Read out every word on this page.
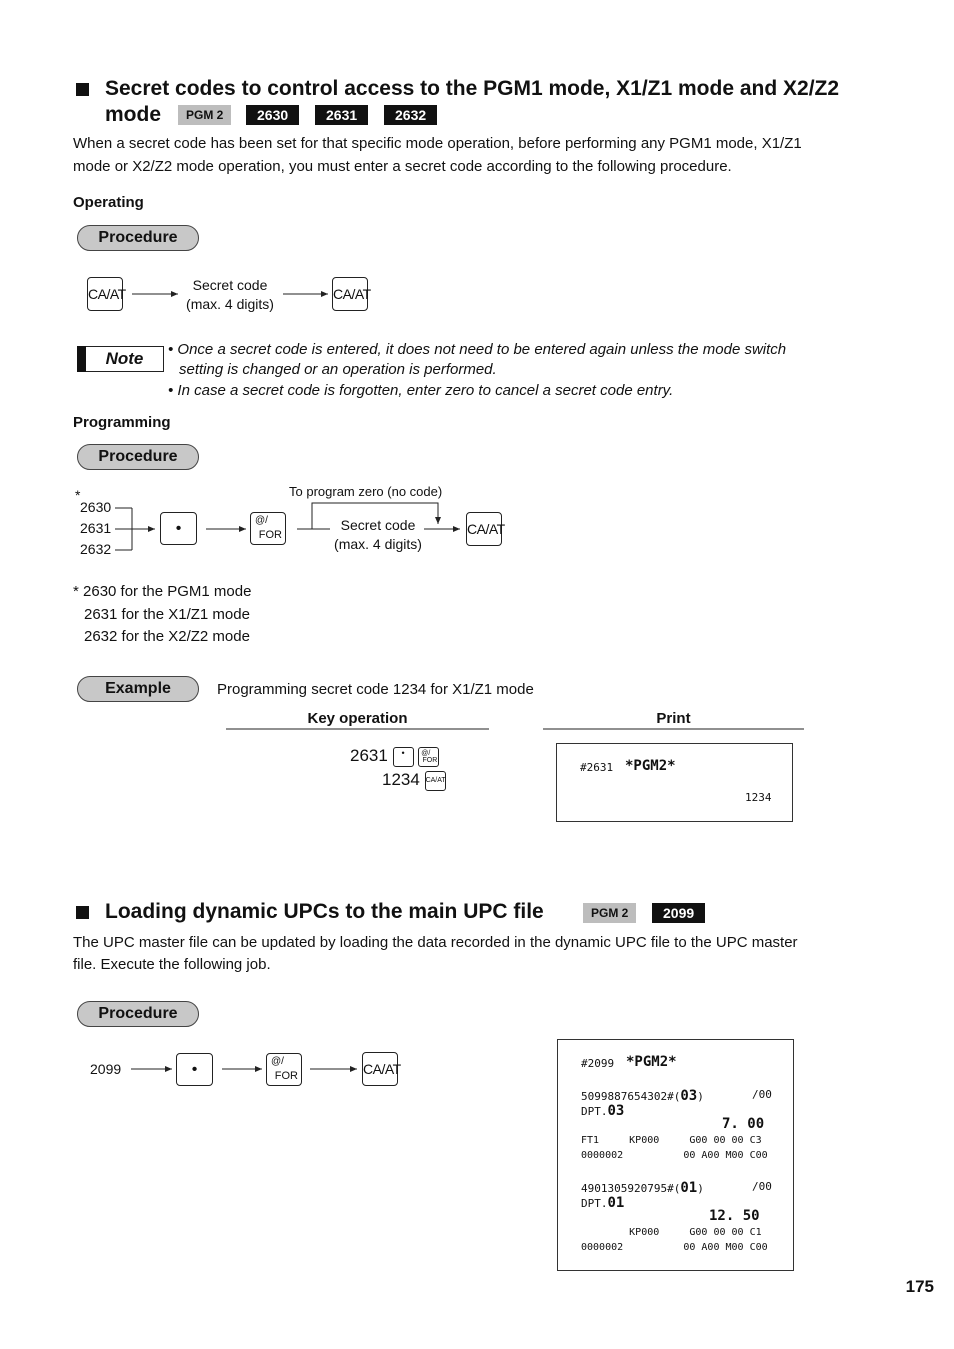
Secret codes to control access to the PGM1 mode, X1/Z1 mode and X2/Z2
mode	PGM 2	2630	2631	2632
When a secret code has been set for that specific mode operation, before performing any PGM1 mode, X1/Z1
mode or X2/Z2 mode operation, you must enter a secret code according to the following procedure.
Operating
Procedure
CA/AT
Secret code
(max. 4 digits)
CA/AT
Note	• Once a secret code is entered, it does not need to be entered again unless the mode switch
setting is changed or an operation is performed.
• In case a secret code is forgotten, enter zero to cancel a secret code entry.
Programming
Procedure
*
2630
2631
2632
•	@/
FOR
To program zero (no code)
Secret code
(max. 4 digits)
CA/AT
* 2630 for the PGM1 mode
2631 for the X1/Z1 mode
2632 for the X2/Z2 mode
Example	Programming secret code 1234 for X1/Z1 mode
Key operation	Print
2631 • @/
FOR
1234 CA/AT
#2631 *PGM2*
1234
Loading dynamic UPCs to the main UPC file	PGM 2	2099
The UPC master file can be updated by loading the data recorded in the dynamic UPC file to the UPC master
file. Execute the following job.
Procedure
2099	•	@/
FOR	CA/AT	#2099 *PGM2*
5099887654302#(03)	/00
DPT.03
7. 00
FT1     KP000     G00 00 00 C3
0000002          00 A00 M00 C00
4901305920795#(01)	/00
DPT.01
12. 50
KP000     G00 00 00 C1
0000002          00 A00 M00 C00
175
